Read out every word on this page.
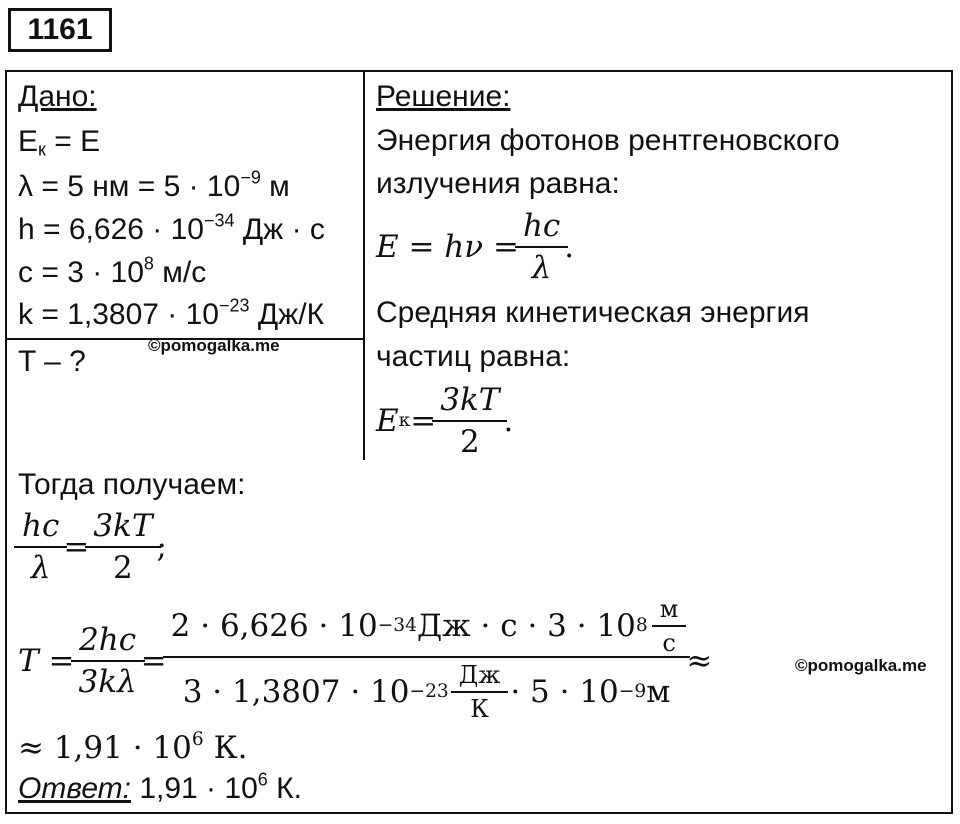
1161
Дано:
$E_к = E$
λ = 5 нм = $5 \cdot 10^{-9}$ м
$h = 6,626 \cdot 10^{-34}$ Дж · с
$c = 3 \cdot 10^8$ м/с
$k = 1,3807 \cdot 10^{-23}$ Дж/К
©pomogalka.me
T – ?
Решение:
Энергия фотонов рентгеновского
излучения равна:
$E = h\nu = \frac{hc}{\lambda}$ .
Средняя кинетическая энергия
частиц равна:
E $к = \frac{3kT}{2}$ .
Тогда получаем:
$\frac{hc}{\lambda} = \frac{3kT}{2}$ ;
$T = \frac{2hc}{3k\lambda} = \frac{2 \cdot 6,626 \cdot 10 -34 Дж \cdot с \cdot 3 \cdot 10 8 \frac{м}{с}}{3 \cdot 1,3807 \cdot 10 -23 \frac{Дж}{К} \cdot 5 \cdot 10 -9 м}$ ≈	©pomogalka.me
≈ $1,91 \cdot 10^6$ К.
Ответ: $1,91 \cdot 10^6$ К.
